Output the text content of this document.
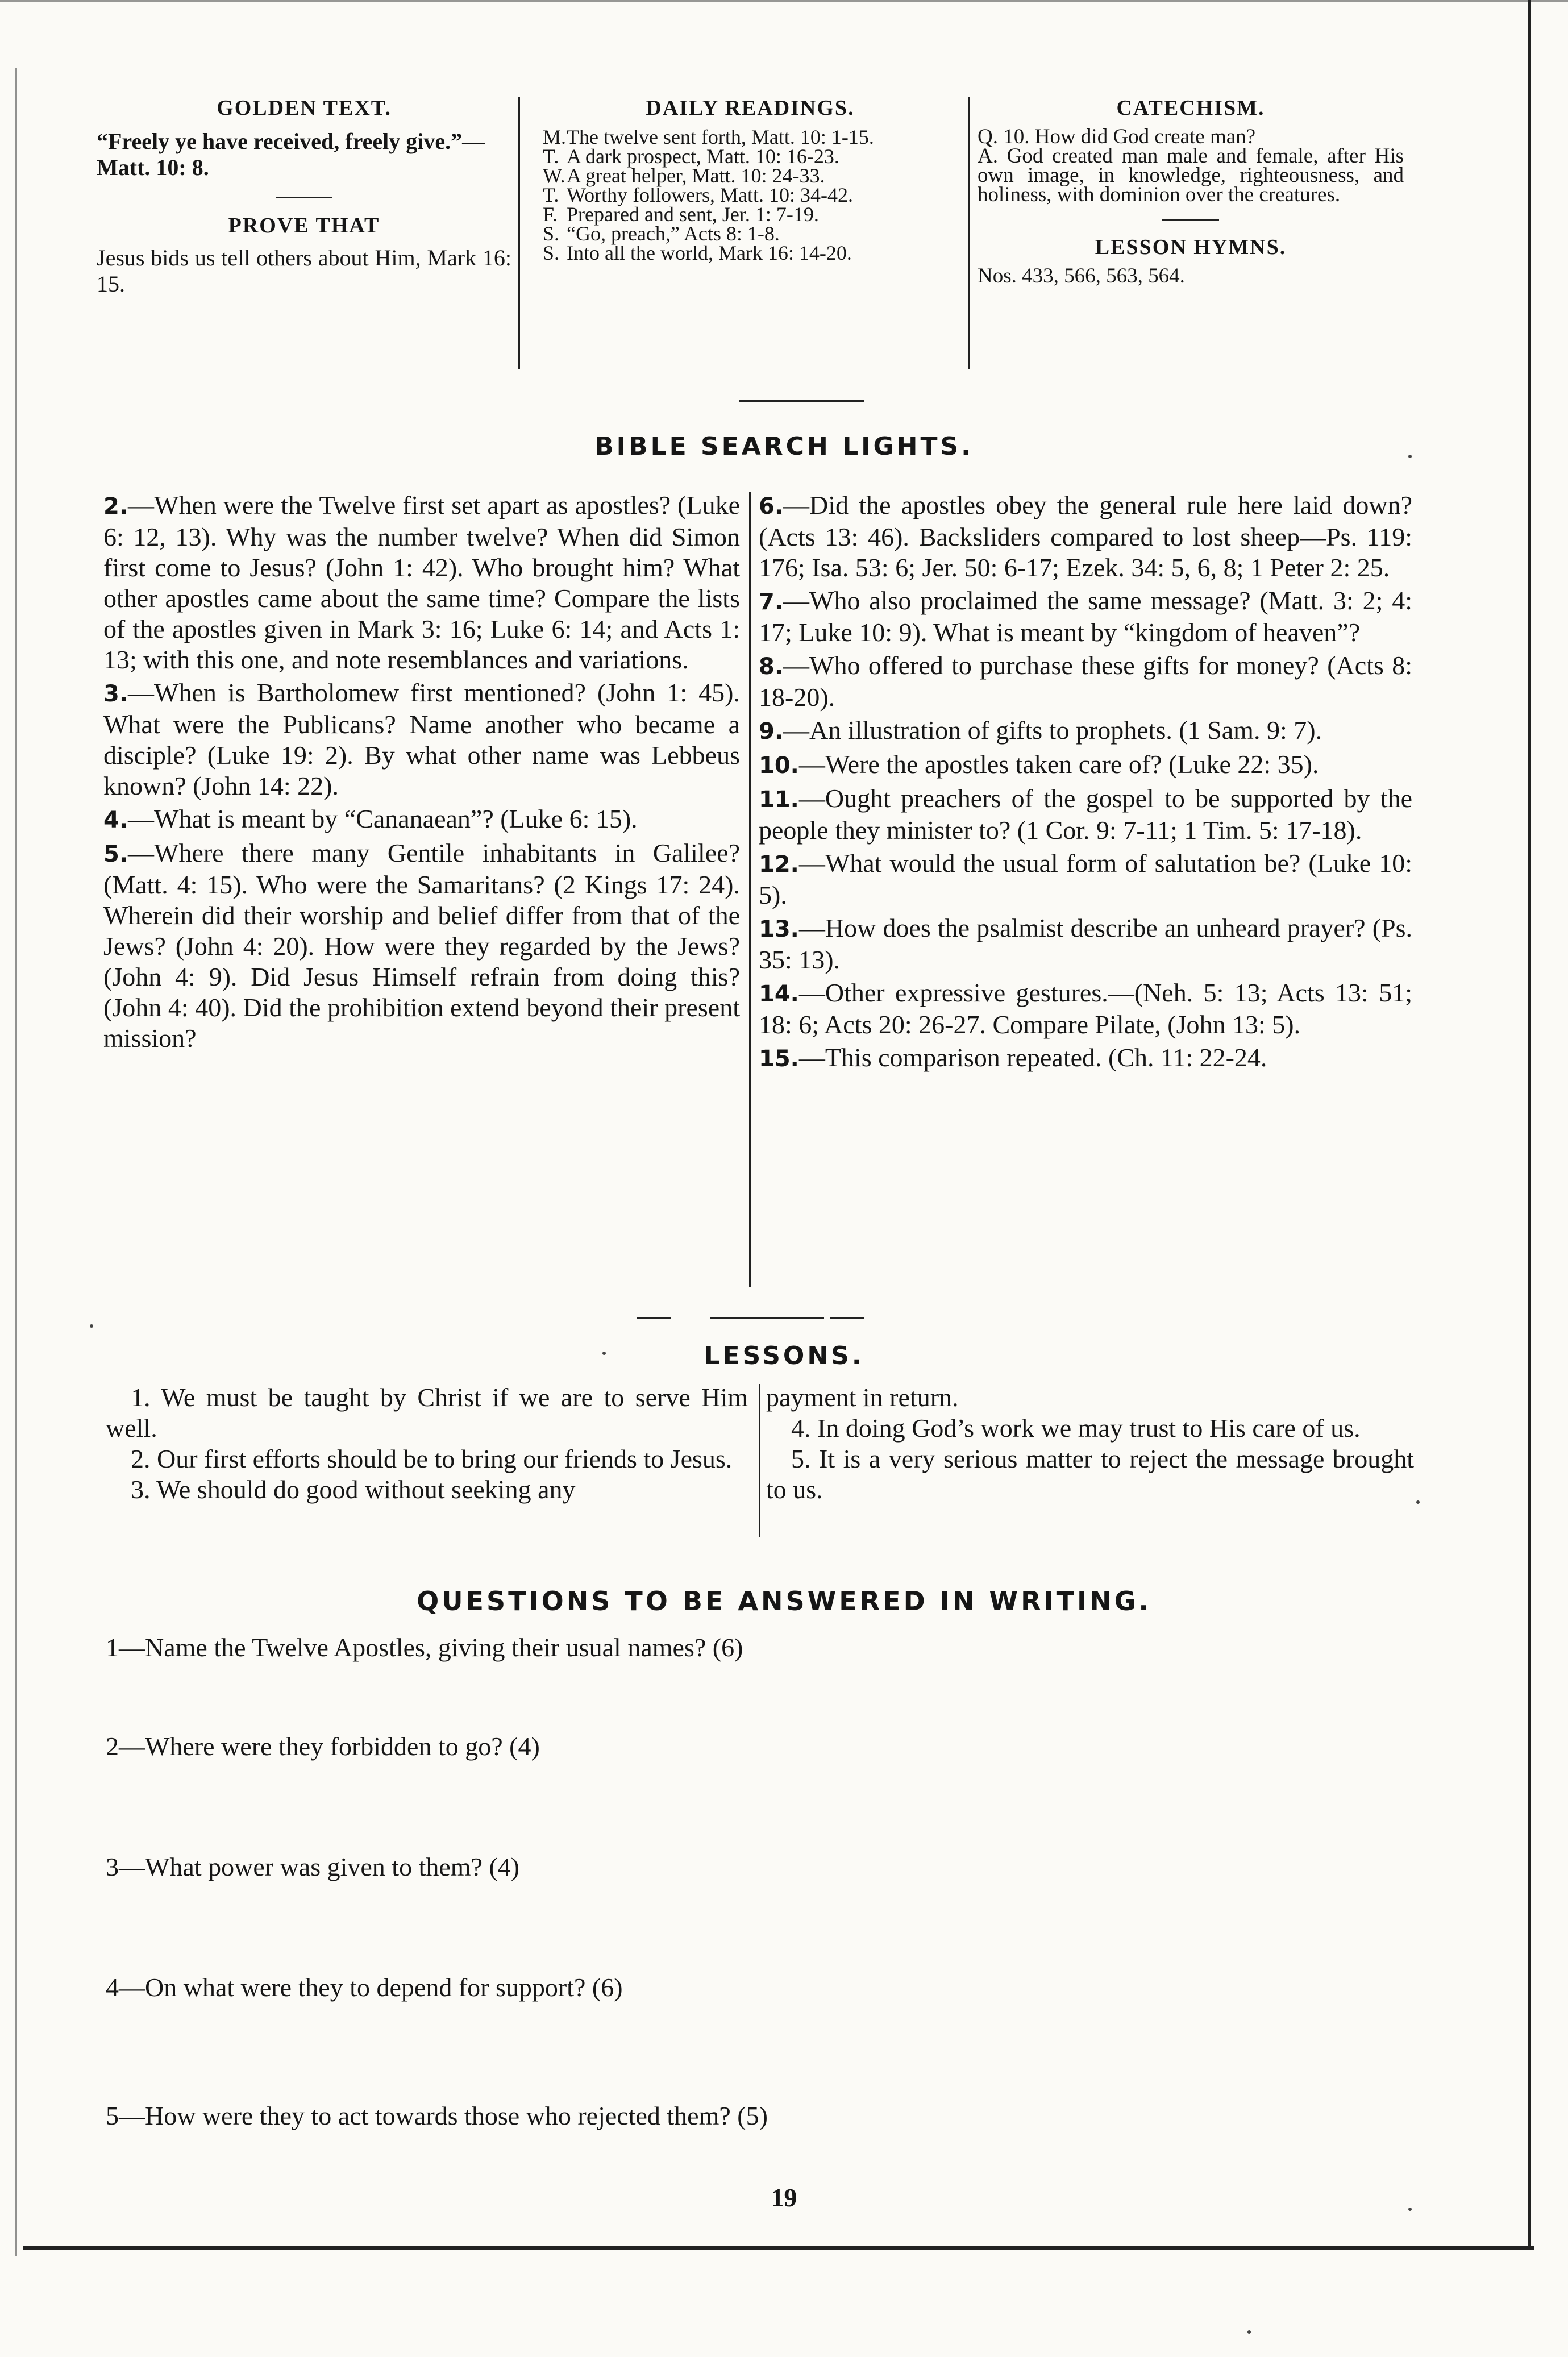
GOLDEN TEXT.

“Freely ye have received, freely give.”—Matt. 10: 8.

PROVE THAT

Jesus bids us tell others about Him, Mark 16: 15.

DAILY READINGS.
M. The twelve sent forth, Matt. 10: 1-15.
T. A dark prospect, Matt. 10: 16-23.
W. A great helper, Matt. 10: 24-33.
T. Worthy followers, Matt. 10: 34-42.
F. Prepared and sent, Jer. 1: 7-19.
S. “Go, preach,” Acts 8: 1-8.
S. Into all the world, Mark 16: 14-20.
CATECHISM.

Q. 10. How did God create man?

A. God created man male and female, after His own image, in knowledge, righteousness, and holiness, with dominion over the creatures.

LESSON HYMNS.

Nos. 433, 566, 563, 564.

BIBLE SEARCH LIGHTS.

2.—When were the Twelve first set apart as apostles? (Luke 6: 12, 13). Why was the number twelve? When did Simon first come to Jesus? (John 1: 42). Who brought him? What other apostles came about the same time? Compare the lists of the apostles given in Mark 3: 16; Luke 6: 14; and Acts 1: 13; with this one, and note resemblances and variations.

3.—When is Bartholomew first mentioned? (John 1: 45). What were the Publicans? Name another who became a disciple? (Luke 19: 2). By what other name was Lebbeus known? (John 14: 22).

4.—What is meant by “Cananaean”? (Luke 6: 15).

5.—Where there many Gentile inhabitants in Galilee? (Matt. 4: 15). Who were the Samaritans? (2 Kings 17: 24). Wherein did their worship and belief differ from that of the Jews? (John 4: 20). How were they regarded by the Jews? (John 4: 9). Did Jesus Himself refrain from doing this? (John 4: 40). Did the prohibition extend beyond their present mission?

6.—Did the apostles obey the general rule here laid down? (Acts 13: 46). Backsliders compared to lost sheep—Ps. 119: 176; Isa. 53: 6; Jer. 50: 6-17; Ezek. 34: 5, 6, 8; 1 Peter 2: 25.

7.—Who also proclaimed the same message? (Matt. 3: 2; 4: 17; Luke 10: 9). What is meant by “kingdom of heaven”?

8.—Who offered to purchase these gifts for money? (Acts 8: 18-20).

9.—An illustration of gifts to prophets. (1 Sam. 9: 7).

10.—Were the apostles taken care of? (Luke 22: 35).

11.—Ought preachers of the gospel to be supported by the people they minister to? (1 Cor. 9: 7-11; 1 Tim. 5: 17-18).

12.—What would the usual form of salutation be? (Luke 10: 5).

13.—How does the psalmist describe an unheard prayer? (Ps. 35: 13).

14.—Other expressive gestures.—(Neh. 5: 13; Acts 13: 51; 18: 6; Acts 20: 26-27. Compare Pilate, (John 13: 5).

15.—This comparison repeated. (Ch. 11: 22-24.

LESSONS.

1. We must be taught by Christ if we are to serve Him well.

2. Our first efforts should be to bring our friends to Jesus.

3. We should do good without seeking any

payment in return.

4. In doing God’s work we may trust to His care of us.

5. It is a very serious matter to reject the message brought to us.

QUESTIONS TO BE ANSWERED IN WRITING.
1—Name the Twelve Apostles, giving their usual names? (6)
2—Where were they forbidden to go? (4)
3—What power was given to them? (4)
4—On what were they to depend for support? (6)
5—How were they to act towards those who rejected them? (5)
19
